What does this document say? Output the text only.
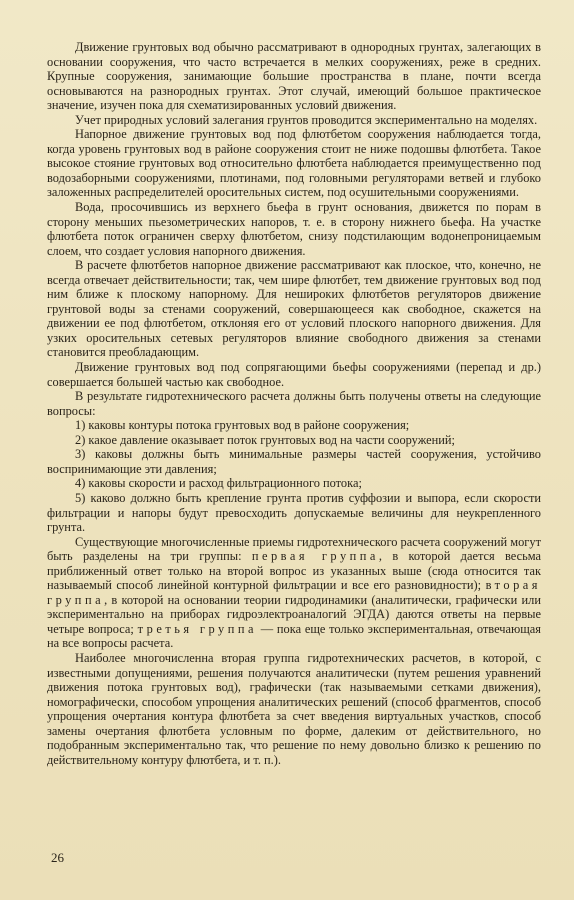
Движение грунтовых вод обычно рассматривают в однородных грунтах, залегающих в основании сооружения, что часто встречается в мелких сооружениях, реже в средних. Крупные сооружения, занимающие большие пространства в плане, почти всегда основываются на разнородных грунтах. Этот случай, имеющий большое практическое значение, изучен пока для схематизированных условий движения.

Учет природных условий залегания грунтов проводится экспериментально на моделях.

Напорное движение грунтовых вод под флютбетом сооружения наблюдается тогда, когда уровень грунтовых вод в районе сооружения стоит не ниже подошвы флютбета. Такое высокое стояние грунтовых вод относительно флютбета наблюдается преимущественно под водозаборными сооружениями, плотинами, под головными регуляторами ветвей и глубоко заложенных распределителей оросительных систем, под осушительными сооружениями.

Вода, просочившись из верхнего бьефа в грунт основания, движется по порам в сторону меньших пьезометрических напоров, т. е. в сторону нижнего бьефа. На участке флютбета поток ограничен сверху флютбетом, снизу подстилающим водонепроницаемым слоем, что создает условия напорного движения.

В расчете флютбетов напорное движение рассматривают как плоское, что, конечно, не всегда отвечает действительности; так, чем шире флютбет, тем движение грунтовых вод под ним ближе к плоскому напорному. Для неширoких флютбетов регуляторов движение грунтовой воды за стенами сооружений, совершающееся как свободное, скажется на движении ее под флютбетом, отклоняя его от условий плоского напорного движения. Для узких оросительных сетевых регуляторов влияние свободного движения за стенами становится преобладающим.

Движение грунтовых вод под сопрягающими бьефы сооружениями (перепад и др.) совершается большей частью как свободное.

В результате гидротехнического расчета должны быть получены ответы на следующие вопросы:

1) каковы контуры потока грунтовых вод в районе сооружения;

2) какое давление оказывает поток грунтовых вод на части сооружений;

3) каковы должны быть минимальные размеры частей сооружения, устойчиво воспринимающие эти давления;

4) каковы скорости и расход фильтрационного потока;

5) каково должно быть крепление грунта против суффозии и выпора, если скорости фильтрации и напоры будут превосходить допускаемые величины для неукрепленного грунта.

Существующие многочисленные приемы гидротехнического расчета сооружений могут быть разделены на три группы: первая группа, в которой дается весьма приближенный ответ только на второй вопрос из указанных выше (сюда относится так называемый способ линейной контурной фильтрации и все его разновидности); вторая группа, в которой на основании теории гидродинамики (аналитически, графически или экспериментально на приборах гидроэлектроаналогий ЭГДА) даются ответы на первые четыре вопроса; третья группа — пока еще только экспериментальная, отвечающая на все вопросы расчета.

Наиболее многочисленна вторая группа гидротехнических расчетов, в которой, с известными допущениями, решения получаются аналитически (путем решения уравнений движения потока грунтовых вод), графически (так называемыми сетками движения), номографически, способом упрощения аналитических решений (способ фрагментов, способ упрощения очертания контура флютбета за счет введения виртуальных участков, способ замены очертания флютбета условным по форме, далеким от действительного, но подобранным экспериментально так, что решение по нему довольно близко к решению по действительному контуру флютбета, и т. п.).

26
